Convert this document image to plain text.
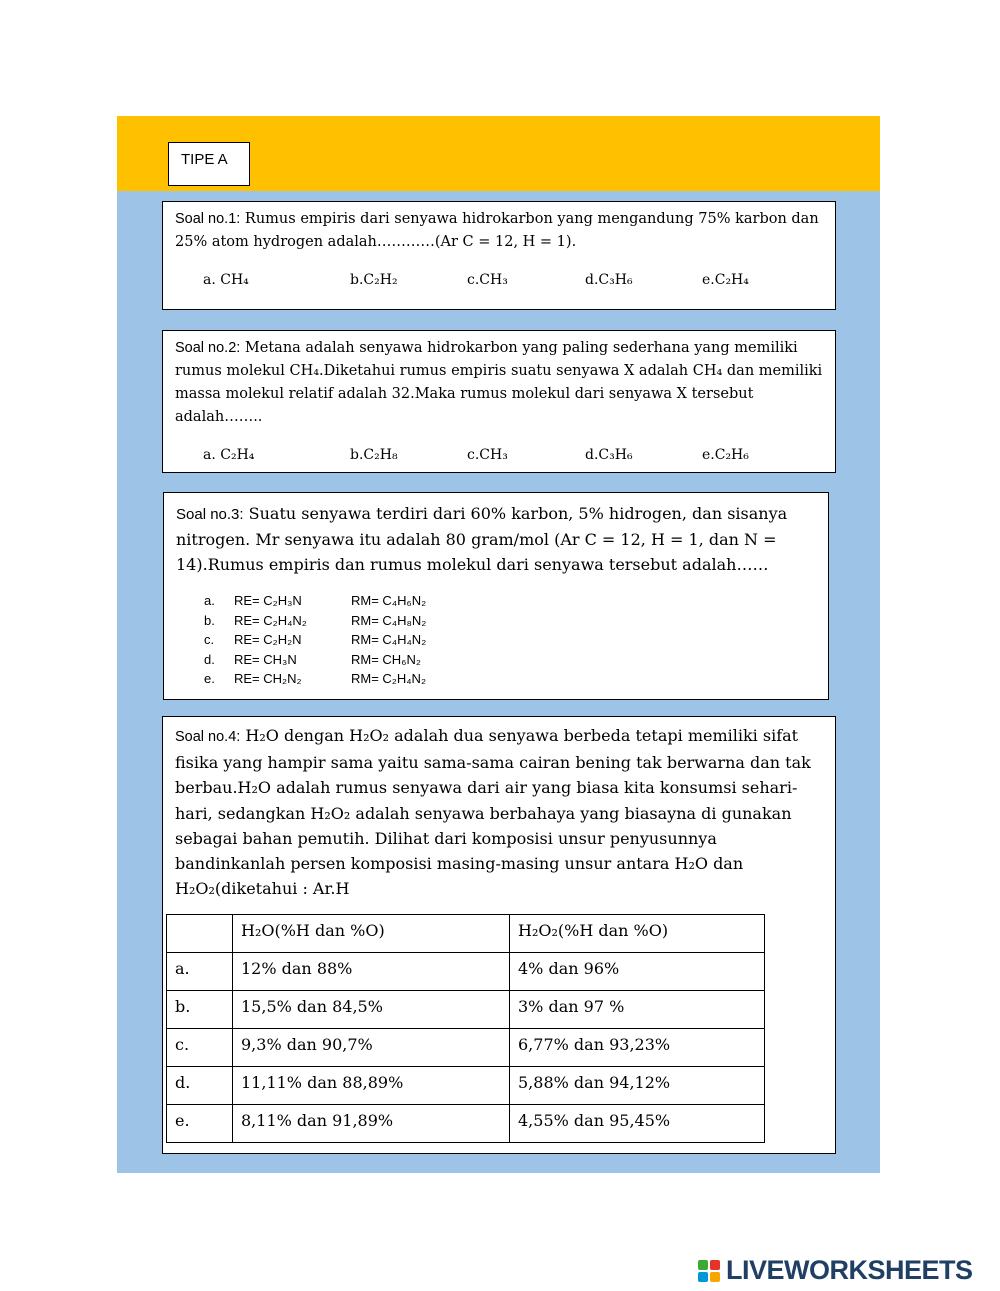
TIPE A
Soal no.1: Rumus empiris dari senyawa hidrokarbon yang mengandung 75% karbon dan 25% atom hydrogen adalah…………(Ar C = 12, H = 1).
a. CH₄	b.C₂H₂	c.CH₃	d.C₃H₆	e.C₂H₄
Soal no.2: Metana adalah senyawa hidrokarbon yang paling sederhana yang memiliki rumus molekul CH₄.Diketahui rumus empiris suatu senyawa X adalah CH₄ dan memiliki massa molekul relatif adalah 32.Maka rumus molekul dari senyawa X tersebut adalah……..
a. C₂H₄	b.C₂H₈	c.CH₃	d.C₃H₆	e.C₂H₆
Soal no.3: Suatu senyawa terdiri dari 60% karbon, 5% hidrogen, dan sisanya nitrogen. Mr senyawa itu adalah 80 gram/mol (Ar C = 12, H = 1, dan N = 14).Rumus empiris dan rumus molekul dari senyawa tersebut adalah……
a. RE= C₂H₃N	RM= C₄H₆N₂
b. RE= C₂H₄N₂	RM= C₄H₈N₂
c. RE= C₂H₂N	RM= C₄H₄N₂
d. RE= CH₃N	RM= CH₆N₂
e. RE= CH₂N₂	RM= C₂H₄N₂
Soal no.4: H₂O dengan H₂O₂ adalah dua senyawa berbeda tetapi memiliki sifat fisika yang hampir sama yaitu sama-sama cairan bening tak berwarna dan tak berbau.H₂O adalah rumus senyawa dari air yang biasa kita konsumsi sehari-hari, sedangkan H₂O₂ adalah senyawa berbahaya yang biasayna di gunakan sebagai bahan pemutih. Dilihat dari komposisi unsur penyusunnya bandinkanlah persen komposisi masing-masing unsur antara H₂O dan H₂O₂(diketahui : Ar.H
	H₂O(%H dan %O)	H₂O₂(%H dan %O)
a.	12% dan 88%	4% dan 96%
b.	15,5% dan 84,5%	3% dan 97 %
c.	9,3% dan 90,7%	6,77% dan 93,23%
d.	11,11% dan 88,89%	5,88% dan 94,12%
e.	8,11% dan 91,89%	4,55% dan 95,45%
LIVEWORKSHEETS
